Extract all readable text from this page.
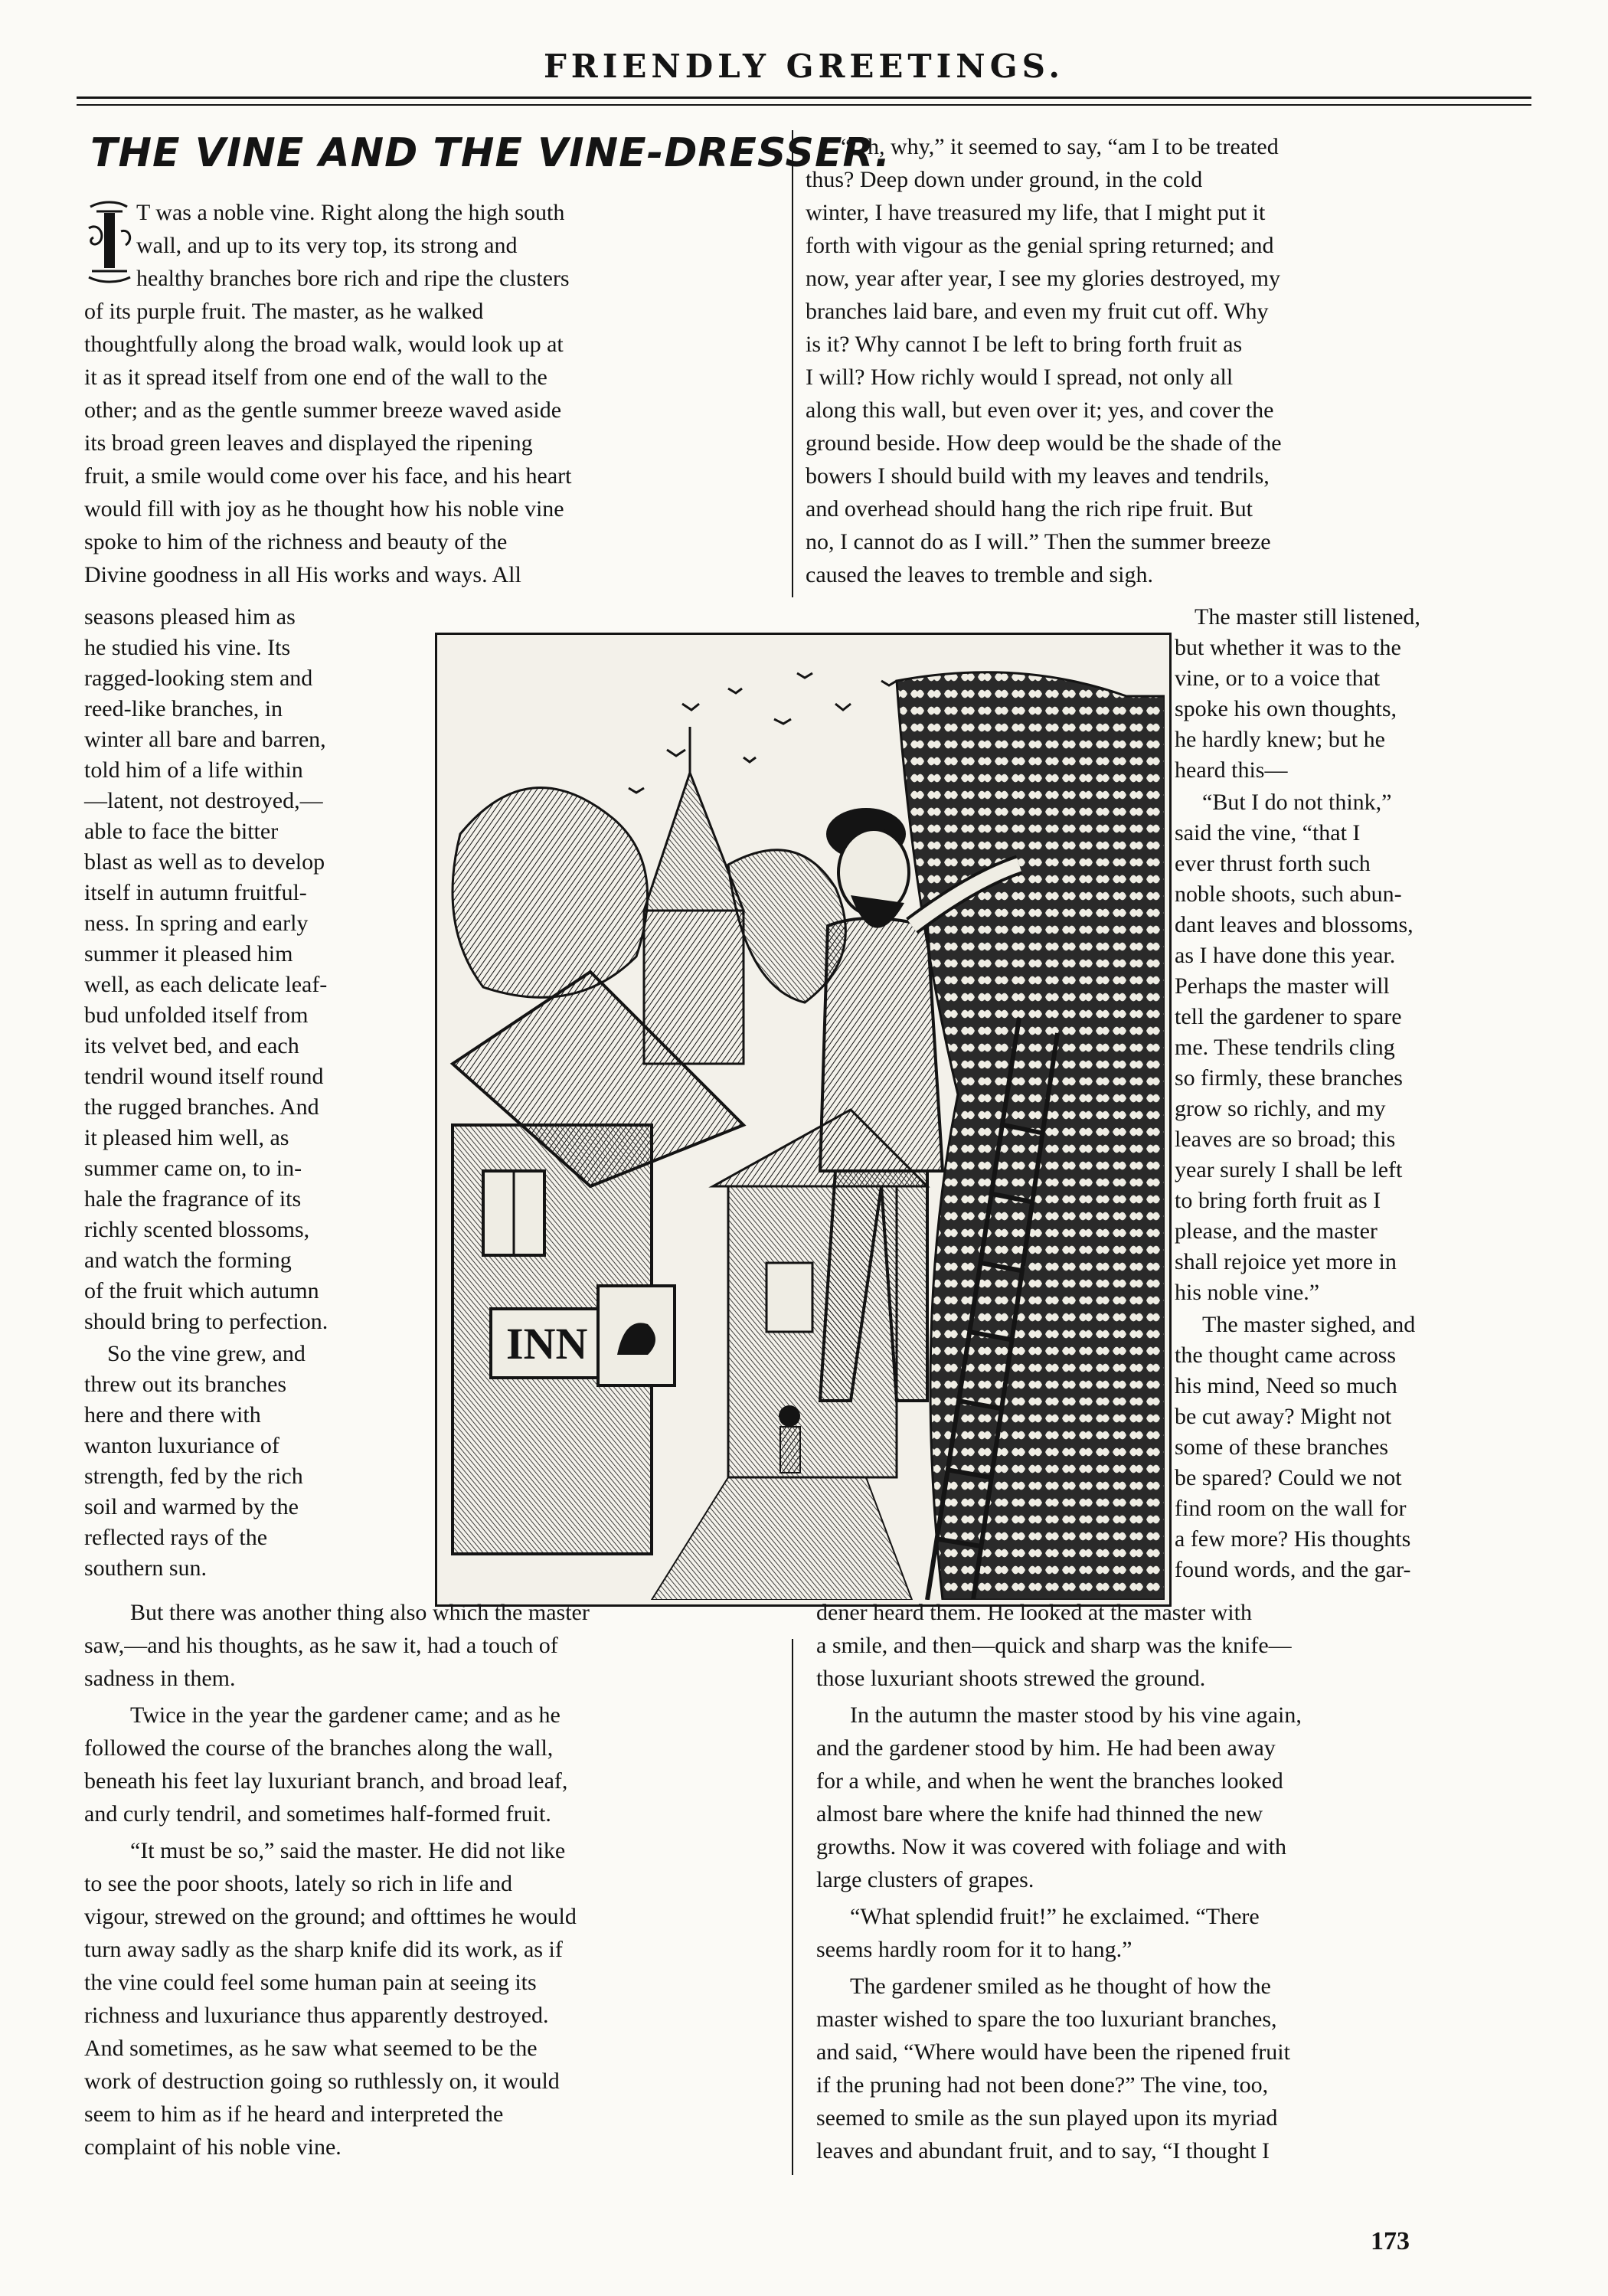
FRIENDLY GREETINGS.
THE VINE AND THE VINE-DRESSER.
INN
T was a noble vine. Right along the high south
wall, and up to its very top, its strong and
healthy branches bore rich and ripe the clusters
of its purple fruit. The master, as he walked
thoughtfully along the broad walk, would look up at
it as it spread itself from one end of the wall to the
other; and as the gentle summer breeze waved aside
its broad green leaves and displayed the ripening
fruit, a smile would come over his face, and his heart
would fill with joy as he thought how his noble vine
spoke to him of the richness and beauty of the
Divine goodness in all His works and ways. All
seasons pleased him as
he studied his vine. Its
ragged-looking stem and
reed-like branches, in
winter all bare and barren,
told him of a life within
—latent, not destroyed,—
able to face the bitter
blast as well as to develop
itself in autumn fruitful-
ness. In spring and early
summer it pleased him
well, as each delicate leaf-
bud unfolded itself from
its velvet bed, and each
tendril wound itself round
the rugged branches. And
it pleased him well, as
summer came on, to in-
hale the fragrance of its
richly scented blossoms,
and watch the forming
of the fruit which autumn
should bring to perfection.
So the vine grew, and
threw out its branches
here and there with
wanton luxuriance of
strength, fed by the rich
soil and warmed by the
reflected rays of the
southern sun.
But there was another thing also which the master
saw,—and his thoughts, as he saw it, had a touch of
sadness in them.
Twice in the year the gardener came; and as he
followed the course of the branches along the wall,
beneath his feet lay luxuriant branch, and broad leaf,
and curly tendril, and sometimes half-formed fruit.
“It must be so,” said the master. He did not like
to see the poor shoots, lately so rich in life and
vigour, strewed on the ground; and ofttimes he would
turn away sadly as the sharp knife did its work, as if
the vine could feel some human pain at seeing its
richness and luxuriance thus apparently destroyed.
And sometimes, as he saw what seemed to be the
work of destruction going so ruthlessly on, it would
seem to him as if he heard and interpreted the
complaint of his noble vine.
“Oh, why,” it seemed to say, “am I to be treated
thus? Deep down under ground, in the cold
winter, I have treasured my life, that I might put it
forth with vigour as the genial spring returned; and
now, year after year, I see my glories destroyed, my
branches laid bare, and even my fruit cut off. Why
is it? Why cannot I be left to bring forth fruit as
I will? How richly would I spread, not only all
along this wall, but even over it; yes, and cover the
ground beside. How deep would be the shade of the
bowers I should build with my leaves and tendrils,
and overhead should hang the rich ripe fruit. But
no, I cannot do as I will.” Then the summer breeze
caused the leaves to tremble and sigh.
The master still listened,
but whether it was to the
vine, or to a voice that
spoke his own thoughts,
he hardly knew; but he
heard this—
“But I do not think,”
said the vine, “that I
ever thrust forth such
noble shoots, such abun-
dant leaves and blossoms,
as I have done this year.
Perhaps the master will
tell the gardener to spare
me. These tendrils cling
so firmly, these branches
grow so richly, and my
leaves are so broad; this
year surely I shall be left
to bring forth fruit as I
please, and the master
shall rejoice yet more in
his noble vine.”
The master sighed, and
the thought came across
his mind, Need so much
be cut away? Might not
some of these branches
be spared? Could we not
find room on the wall for
a few more? His thoughts
found words, and the gar-
dener heard them. He looked at the master with
a smile, and then—quick and sharp was the knife—
those luxuriant shoots strewed the ground.
In the autumn the master stood by his vine again,
and the gardener stood by him. He had been away
for a while, and when he went the branches looked
almost bare where the knife had thinned the new
growths. Now it was covered with foliage and with
large clusters of grapes.
“What splendid fruit!” he exclaimed. “There
seems hardly room for it to hang.”
The gardener smiled as he thought of how the
master wished to spare the too luxuriant branches,
and said, “Where would have been the ripened fruit
if the pruning had not been done?” The vine, too,
seemed to smile as the sun played upon its myriad
leaves and abundant fruit, and to say, “I thought I
173
